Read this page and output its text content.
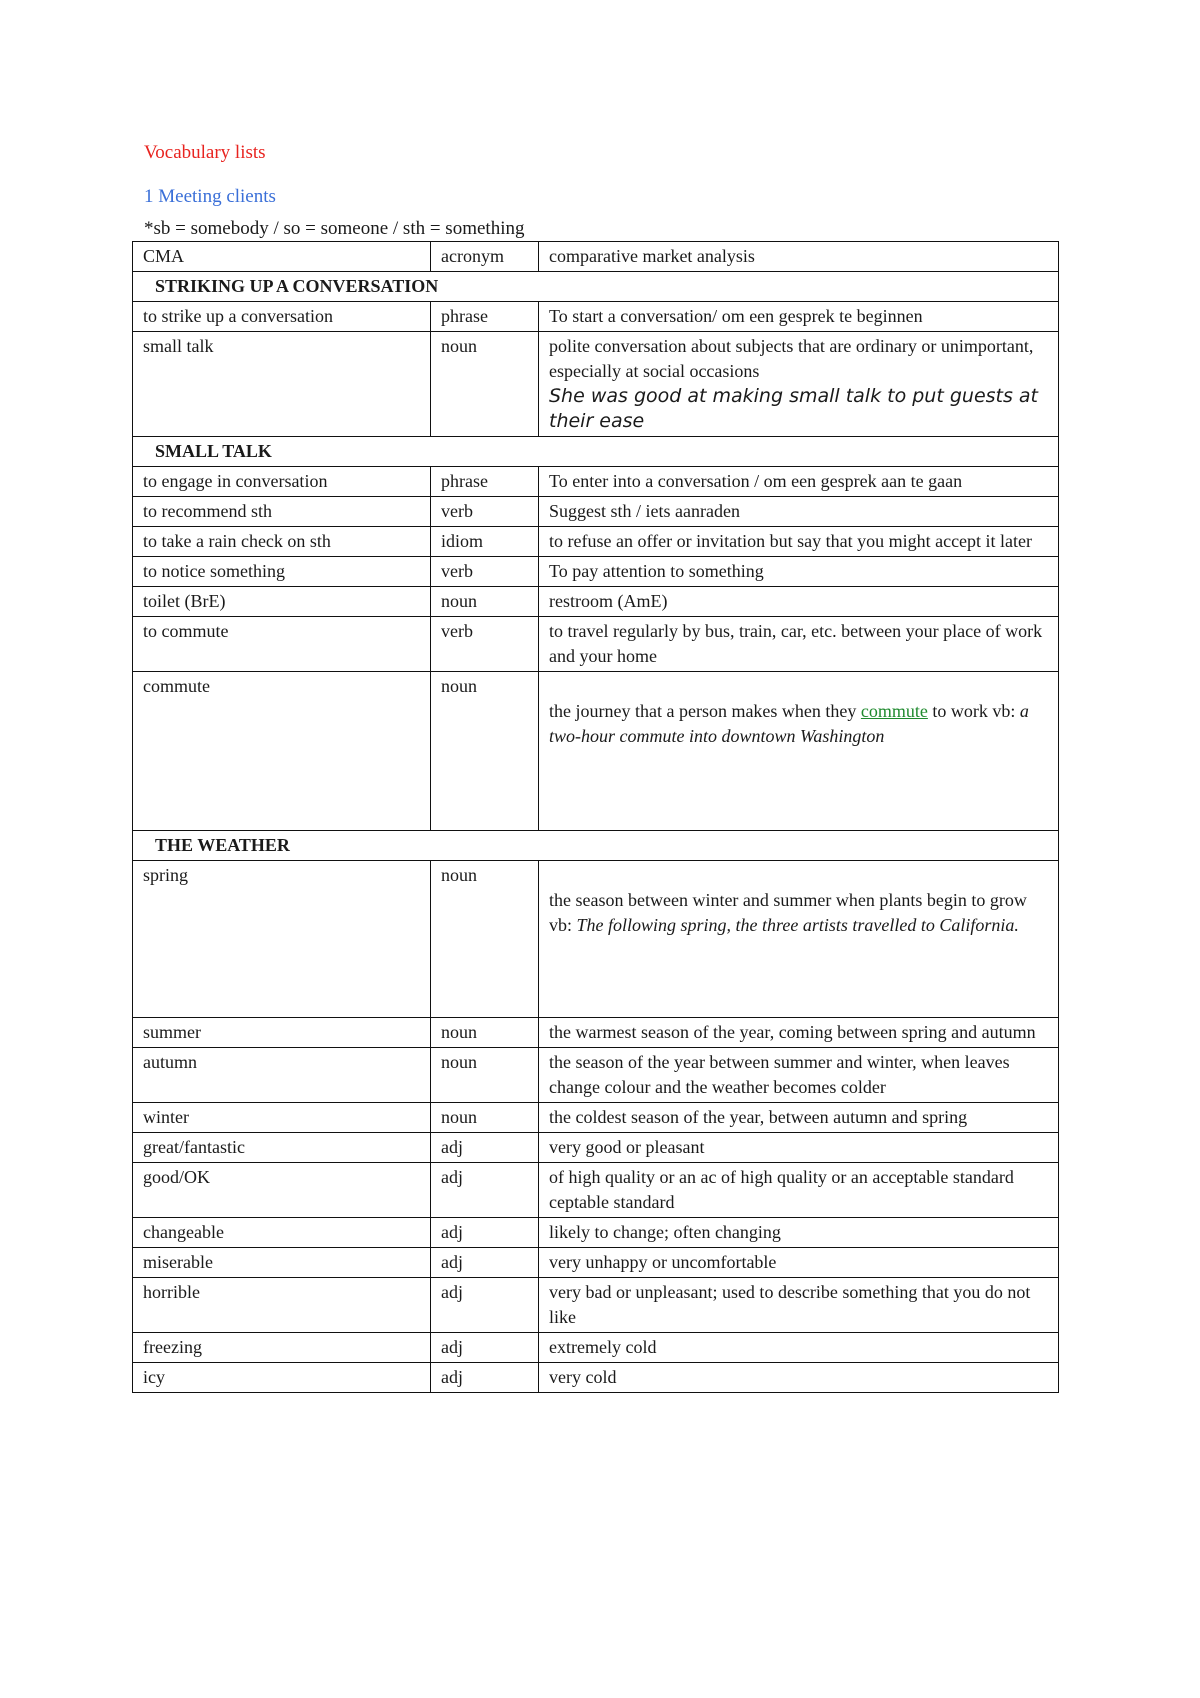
Vocabulary lists
1 Meeting clients
*sb = somebody / so = someone / sth = something
CMA	acronym	comparative market analysis
STRIKING UP A CONVERSATION		
to strike up a conversation	phrase	To start a conversation/ om een gesprek te beginnen
small talk	noun	polite conversation about subjects that are ordinary or unimportant, especially at social occasions
She was good at making small talk to put guests at their ease

SMALL TALK		
to engage in conversation	phrase	To enter into a conversation / om een gesprek aan te gaan
to recommend sth	verb	Suggest sth / iets aanraden
to take a rain check on sth	idiom	to refuse an offer or invitation but say that you might accept it later
to notice something	verb	To pay attention to something
toilet (BrE)	noun	restroom (AmE)
to commute	verb	to travel regularly by bus, train, car, etc. between your place of work and your home
commute	noun	the journey that a person makes when they commute to work vb: a two-hour commute into downtown Washington
THE WEATHER		
spring	noun	the season between winter and summer when plants begin to grow vb: The following spring, the three artists travelled to California.
summer	noun	the warmest season of the year, coming between spring and autumn
autumn	noun	the season of the year between summer and winter, when leaves change colour and the weather becomes colder
winter	noun	the coldest season of the year, between autumn and spring
great/fantastic	adj	very good or pleasant
good/OK	adj	of high quality or an ac of high quality or an acceptable standard ceptable standard
changeable	adj	likely to change; often changing
miserable	adj	very unhappy or uncomfortable
horrible	adj	very bad or unpleasant; used to describe something that you do not like
freezing	adj	extremely cold
icy	adj	very cold
